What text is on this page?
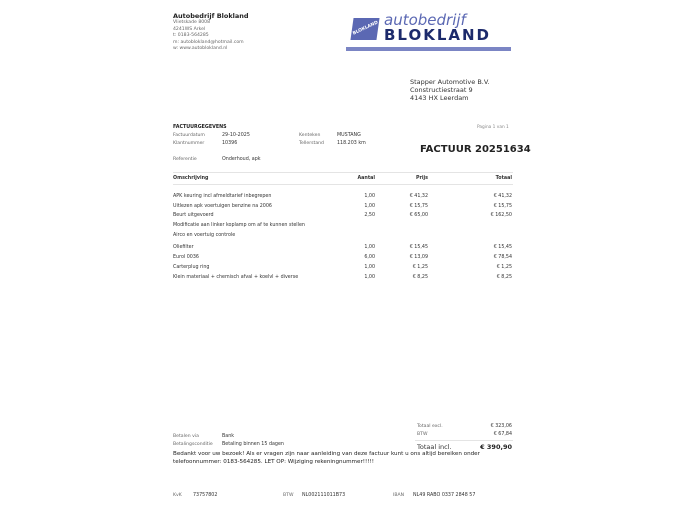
Autobedrijf Blokland
Vlietskade 8008
4241WS Arkel
t: 0183-564285
m: autoblokland@hotmail.com
w: www.autoblokland.nl
BLOKLAND autobedrijf
BLOKLAND
Stapper Automotive B.V.
Constructiestraat 9
4143 HX Leerdam
FACTUURGEGEVENS	Pagina 1 van 1
Factuurdatum	29-10-2025
Klantnummer	10396
Kenteken	MUSTANG
Tellerstand	118.203 km
Referentie	Onderhoud, apk
FACTUUR 20251634
Omschrijving	Aantal	Prijs	Totaal
APK keuring incl afmeldtarief inbegrepen	1,00	€ 41,32	€ 41,32
Uitlezen apk voertuigen benzine na 2006	1,00	€ 15,75	€ 15,75
Beurt uitgevoerd	2,50	€ 65,00	€ 162,50
Modificatie aan linker koplamp om af te kunnen stellen
Airco en voertuig controle
Oliefilter	1,00	€ 15,45	€ 15,45
Eurol 0036	6,00	€ 13,09	€ 78,54
Carterplug ring	1,00	€ 1,25	€ 1,25
Klein materiaal + chemisch afval + koelvl + diverse	1,00	€ 8,25	€ 8,25
Totaal excl.	€ 323,06
BTW	€ 67,84
Totaal incl.	€ 390,90
Betalen via	Bank
Betalingsconditie Betaling binnen 15 dagen
Bedankt voor uw bezoek! Als er vragen zijn naar aanleiding van deze factuur kunt u ons altijd bereiken onder
telefoonnummer: 0183-564285. LET OP: Wijziging rekeningnummer!!!!!
KvK 73757802	BTW NL002111011B73	IBAN NL49 RABO 0337 2848 57
